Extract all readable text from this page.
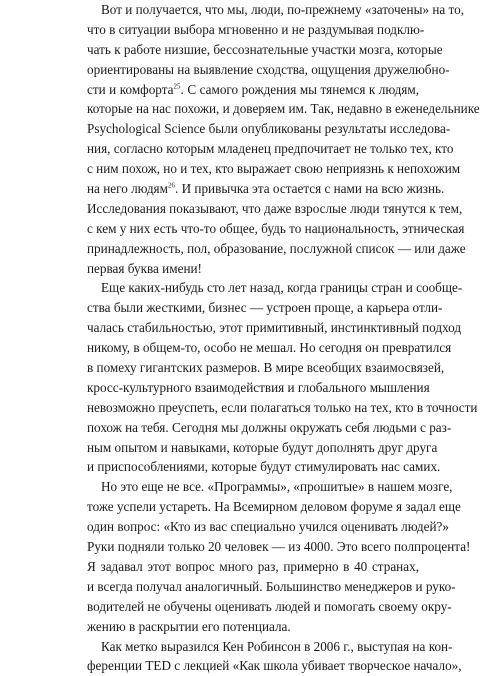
Вот и получается, что мы, люди, по-прежнему «заточены» на то,
что в ситуации выбора мгновенно и не раздумывая подклю-
чать к работе низшие, бессознательные участки мозга, которые
ориентированы на выявление сходства, ощущения дружелюбно-
сти и комфорта$^{25}$. С самого рождения мы тянемся к людям,
которые на нас похожи, и доверяем им. Так, недавно в еженедельнике
Psychological Science были опубликованы результаты исследова-
ния, согласно которым младенец предпочитает не только тех, кто
с ним похож, но и тех, кто выражает свою неприязнь к непохожим
на него людям$^{26}$. И привычка эта остается с нами на всю жизнь.
Исследования показывают, что даже взрослые люди тянутся к тем,
с кем у них есть что-то общее, будь то национальность, этническая
принадлежность, пол, образование, послужной список — или даже
первая буква имени!
Еще каких-нибудь сто лет назад, когда границы стран и сообще-
ства были жесткими, бизнес — устроен проще, а карьера отли-
чалась стабильностью, этот примитивный, инстинктивный подход
никому, в общем-то, особо не мешал. Но сегодня он превратился
в помеху гигантских размеров. В мире всеобщих взаимосвязей,
кросс-культурного взаимодействия и глобального мышления
невозможно преуспеть, если полагаться только на тех, кто в точности
похож на тебя. Сегодня мы должны окружать себя людьми с раз-
ным опытом и навыками, которые будут дополнять друг друга
и приспособлениями, которые будут стимулировать нас самих.
Но это еще не все. «Программы», «прошитые» в нашем мозге,
тоже успели устареть. На Всемирном деловом форуме я задал еще
один вопрос: «Кто из вас специально учился оценивать людей?»
Руки подняли только 20 человек — из 4000. Это всего полпроцента!
Я задавал этот вопрос много раз, примерно в 40 странах,
и всегда получал аналогичный. Большинство менеджеров и руко-
водителей не обучены оценивать людей и помогать своему окру-
жению в раскрытии его потенциала.
Как метко выразился Кен Робинсон в 2006 г., выступая на кон-
ференции TED с лекцией «Как школа убивает творческое начало»,
